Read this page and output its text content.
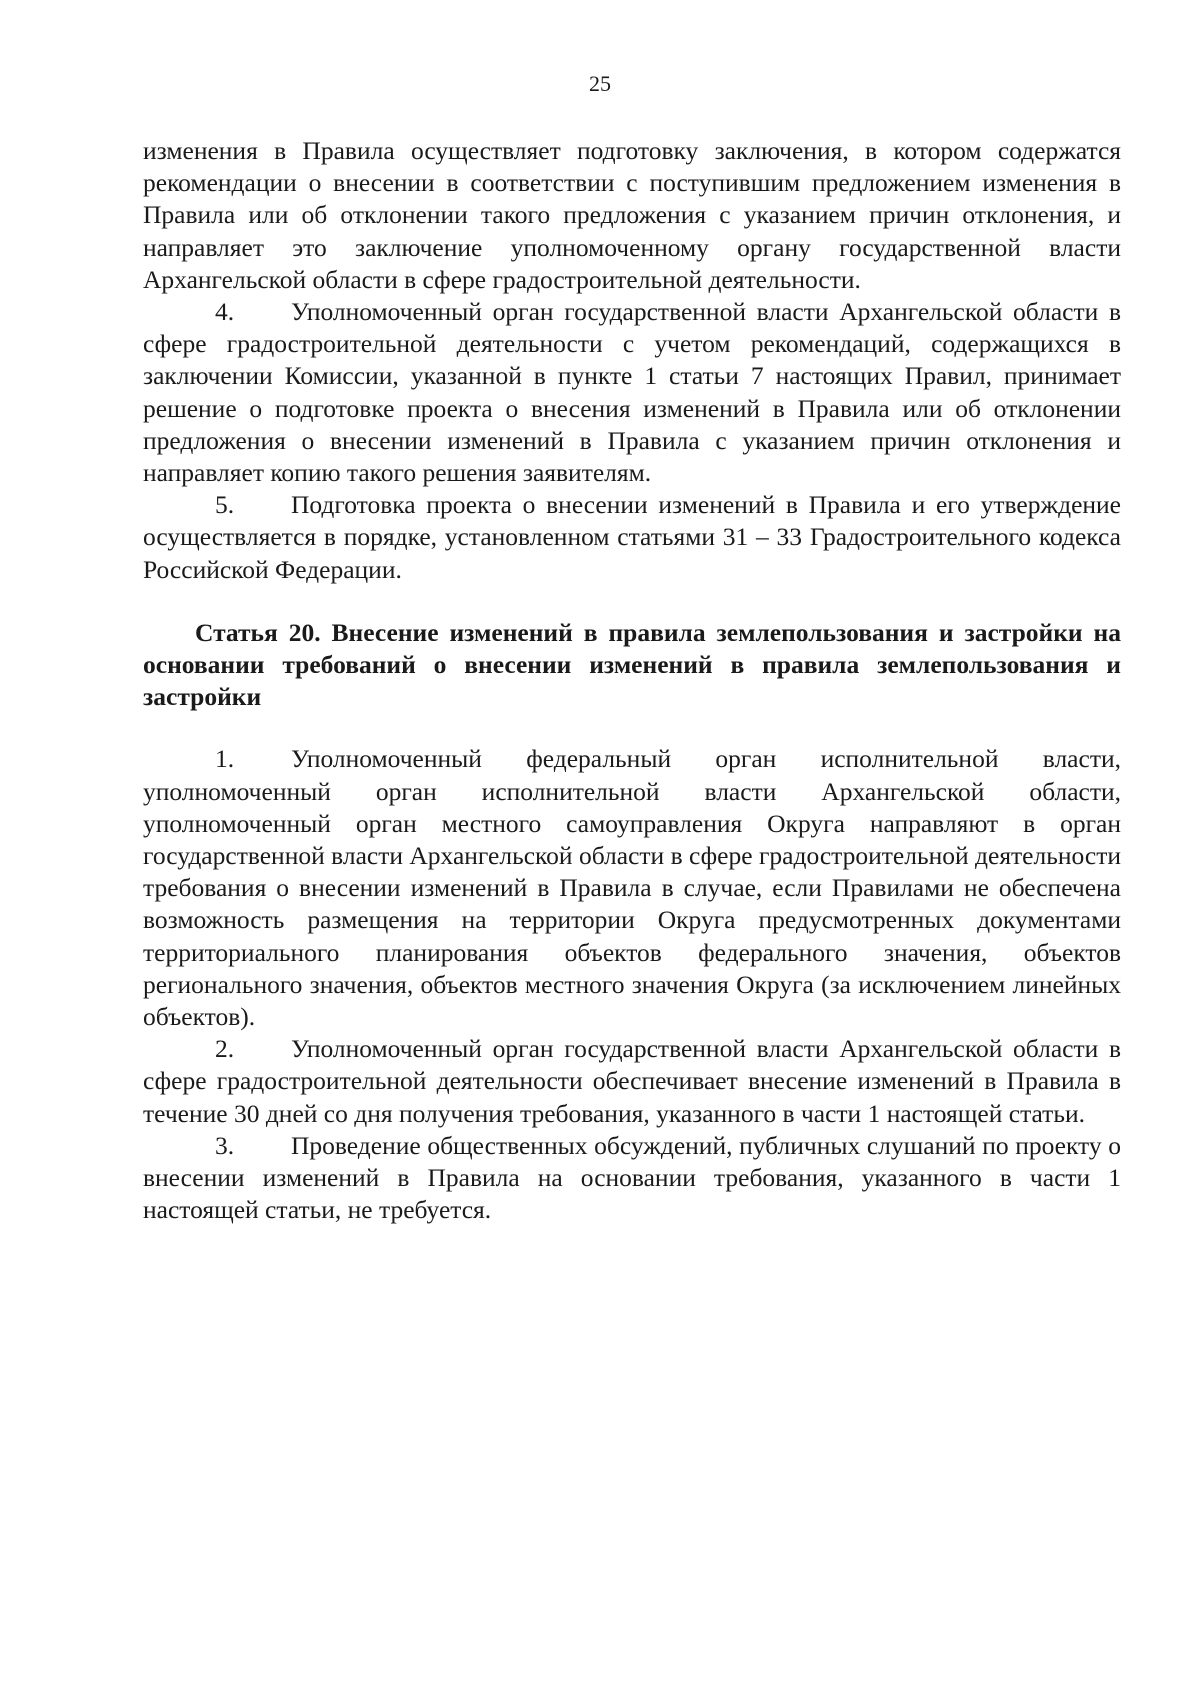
25

изменения в Правила осуществляет подготовку заключения, в котором содержатся рекомендации о внесении в соответствии с поступившим предложением изменения в Правила или об отклонении такого предложения с указанием причин отклонения, и направляет это заключение уполномоченному органу государственной власти Архангельской области в сфере градостроительной деятельности.

4. Уполномоченный орган государственной власти Архангельской области в сфере градостроительной деятельности с учетом рекомендаций, содержащихся в заключении Комиссии, указанной в пункте 1 статьи 7 настоящих Правил, принимает решение о подготовке проекта о внесения изменений в Правила или об отклонении предложения о внесении изменений в Правила с указанием причин отклонения и направляет копию такого решения заявителям.

5. Подготовка проекта о внесении изменений в Правила и его утверждение осуществляется в порядке, установленном статьями 31 – 33 Градостроительного кодекса Российской Федерации.

Статья 20. Внесение изменений в правила землепользования и застройки на основании требований о внесении изменений в правила землепользования и застройки

1. Уполномоченный федеральный орган исполнительной власти, уполномоченный орган исполнительной власти Архангельской области, уполномоченный орган местного самоуправления Округа направляют в орган государственной власти Архангельской области в сфере градостроительной деятельности требования о внесении изменений в Правила в случае, если Правилами не обеспечена возможность размещения на территории Округа предусмотренных документами территориального планирования объектов федерального значения, объектов регионального значения, объектов местного значения Округа (за исключением линейных объектов).

2. Уполномоченный орган государственной власти Архангельской области в сфере градостроительной деятельности обеспечивает внесение изменений в Правила в течение 30 дней со дня получения требования, указанного в части 1 настоящей статьи.

3. Проведение общественных обсуждений, публичных слушаний по проекту о внесении изменений в Правила на основании требования, указанного в части 1 настоящей статьи, не требуется.
